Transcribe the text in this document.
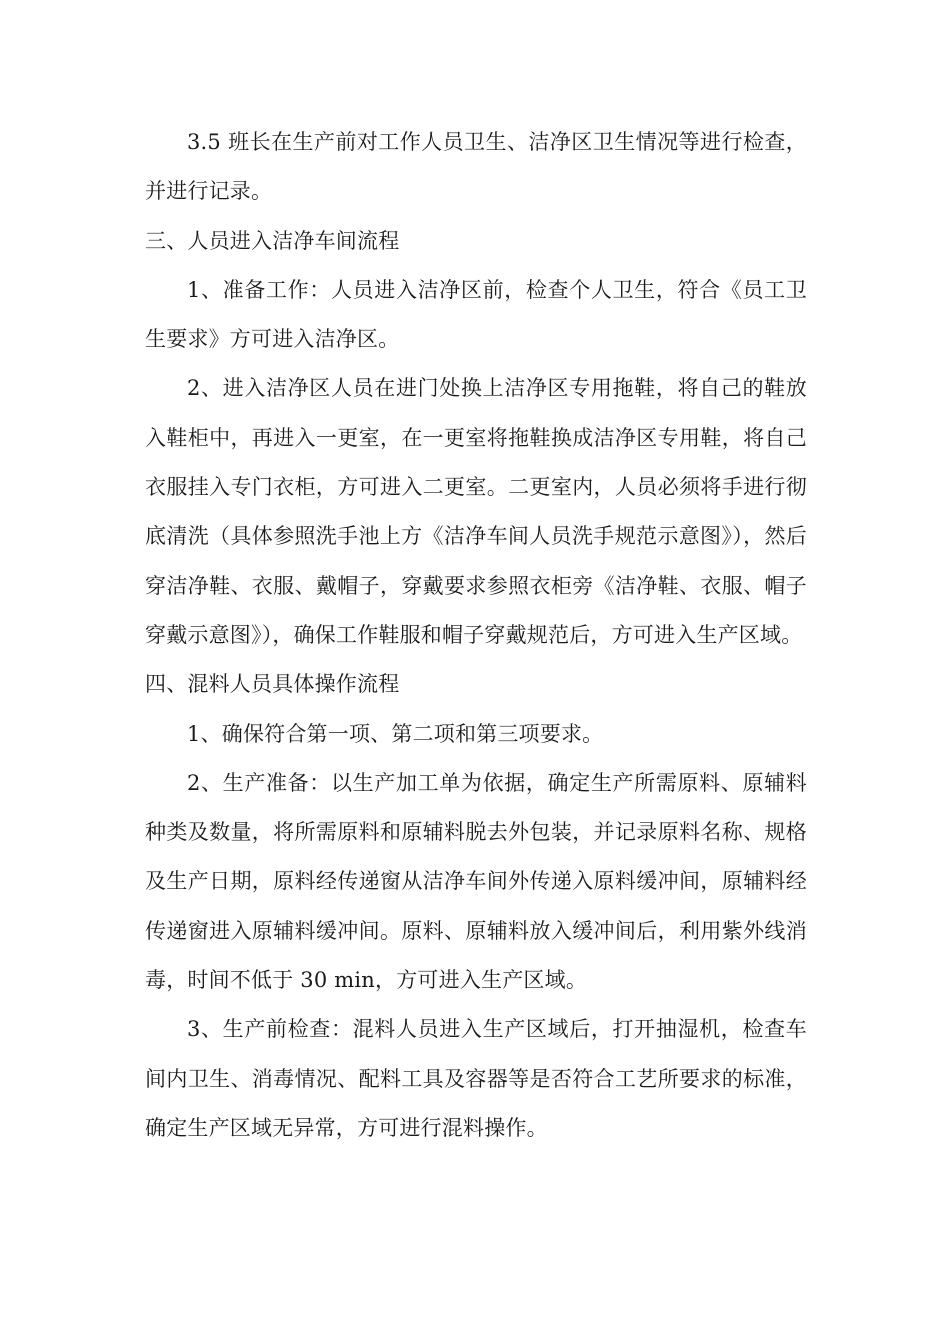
3.5 班长在生产前对工作人员卫生、洁净区卫生情况等进行检查，并进行记录。

三、人员进入洁净车间流程

1、准备工作：人员进入洁净区前，检查个人卫生，符合《员工卫生要求》方可进入洁净区。

2、进入洁净区人员在进门处换上洁净区专用拖鞋，将自己的鞋放入鞋柜中，再进入一更室，在一更室将拖鞋换成洁净区专用鞋，将自己衣服挂入专门衣柜，方可进入二更室。二更室内，人员必须将手进行彻底清洗（具体参照洗手池上方《洁净车间人员洗手规范示意图》），然后穿洁净鞋、衣服、戴帽子，穿戴要求参照衣柜旁《洁净鞋、衣服、帽子穿戴示意图》），确保工作鞋服和帽子穿戴规范后，方可进入生产区域。

四、混料人员具体操作流程

1、确保符合第一项、第二项和第三项要求。

2、生产准备：以生产加工单为依据，确定生产所需原料、原辅料种类及数量，将所需原料和原辅料脱去外包装，并记录原料名称、规格及生产日期，原料经传递窗从洁净车间外传递入原料缓冲间，原辅料经传递窗进入原辅料缓冲间。原料、原辅料放入缓冲间后，利用紫外线消毒，时间不低于 30 min，方可进入生产区域。

3、生产前检查：混料人员进入生产区域后，打开抽湿机，检查车间内卫生、消毒情况、配料工具及容器等是否符合工艺所要求的标准，确定生产区域无异常，方可进行混料操作。
